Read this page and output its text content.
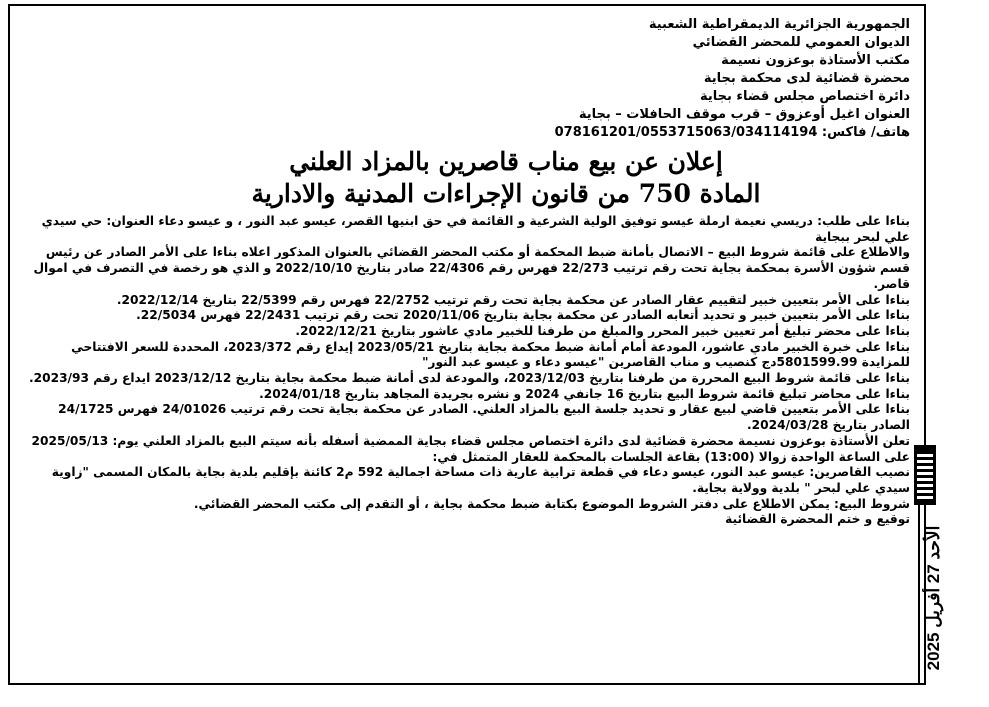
الجمهورية الجزائرية الديمقراطية الشعبية
الديوان العمومي للمحضر القضائي
مكتب الأستاذة بوعزون نسيمة
محضرة قضائية لدى محكمة بجاية
دائرة اختصاص مجلس قضاء بجاية
العنوان اغيل أوعزوق – قرب موقف الحافلات – بجاية
هاتف/ فاكس: 078161201/0553715063/034114194
إعلان عن بيع مناب قاصرين بالمزاد العلني
المادة 750 من قانون الإجراءات المدنية والادارية

بناءا على طلب: دريسي نعيمة ارملة عيسو توفيق الولية الشرعية و القائمة في حق ابنيها القصر، عيسو عبد النور ، و عيسو دعاء العنوان: حي سيدي علي لبحر ببجاية

والاطلاع على قائمة شروط البيع – الاتصال بأمانة ضبط المحكمة أو مكتب المحضر القضائي بالعنوان المذكور اعلاه بناءا على الأمر الصادر عن رئيس قسم شؤون الأسرة بمحكمة بجاية تحت رقم ترتيب 22/273 فهرس رقم 22/4306 صادر بتاريخ 2022/10/10 و الذي هو رخصة في التصرف في اموال قاصر.

بناءا على الأمر بتعيين خبير لتقييم عقار الصادر عن محكمة بجاية تحت رقم ترتيب 22/2752 فهرس رقم 22/5399 بتاريخ 2022/12/14.

بناءا على الأمر بتعيين خبير و تحديد أتعابه الصادر عن محكمة بجاية بتاريخ 2020/11/06 تحت رقم ترتيب 22/2431 فهرس 22/5034.

بناءا على محضر تبليغ أمر تعيين خبير المحرر والمبلغ من طرفنا للخبير مادي عاشور بتاريخ 2022/12/21.

بناءا على خبرة الخبير مادي عاشور، المودعة أمام أمانة ضبط محكمة بجاية بتاريخ 2023/05/21 إيداع رقم 2023/372، المحددة للسعر الافتتاحي للمزايدة 5801599.99دج كنصيب و مناب القاصرين "عيسو دعاء و عيسو عبد النور"

بناءا على قائمة شروط البيع المحررة من طرفنا بتاريخ 2023/12/03، والمودعة لدى أمانة ضبط محكمة بجاية بتاريخ 2023/12/12 ايداع رقم 2023/93.

بناءا على محاضر تبليغ قائمة شروط البيع بتاريخ 16 جانفي 2024 و نشره بجريدة المجاهد بتاريخ 2024/01/18.

بناءا على الأمر بتعيين قاضي لبيع عقار و تحديد جلسة البيع بالمزاد العلني. الصادر عن محكمة بجاية تحت رقم ترتيب 24/01026 فهرس 24/1725 الصادر بتاريخ 2024/03/28.

تعلن الأستاذة بوعزون نسيمة محضرة قضائية لدى دائرة اختصاص مجلس قضاء بجاية الممضية أسفله بأنه سيتم البيع بالمزاد العلني يوم: 2025/05/13 على الساعة الواحدة زوالا (13:00) بقاعة الجلسات بالمحكمة للعقار المتمثل في:

نصيب القاصرين: عيسو عبد النور، عيسو دعاء في قطعة ترابية عارية ذات مساحة اجمالية 592 م2 كائنة بإقليم بلدية بجاية بالمكان المسمى "زاوية سيدي علي لبحر " بلدية وولاية بجاية.

شروط البيع: يمكن الاطلاع على دفتر الشروط الموضوع بكتابة ضبط محكمة بجاية ، أو التقدم إلى مكتب المحضر القضائي.

توقيع و ختم المحضرة القضائية

الأحد 27 أفريل 2025
